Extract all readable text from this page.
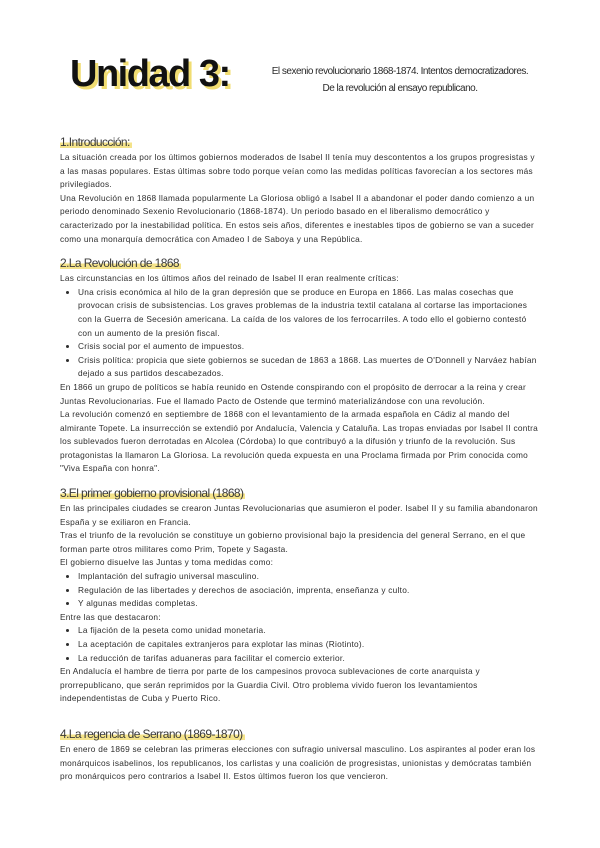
Unidad 3:	El sexenio revolucionario 1868-1874. Intentos democratizadores.
De la revolución al ensayo republicano.
1.Introducción:

La situación creada por los últimos gobiernos moderados de Isabel II tenía muy descontentos a los grupos progresistas y a las masas populares. Estas últimas sobre todo porque veían como las medidas políticas favorecían a los sectores más privilegiados.

Una Revolución en 1868 llamada popularmente La Gloriosa obligó a Isabel II a abandonar el poder dando comienzo a un periodo denominado Sexenio Revolucionario (1868-1874). Un periodo basado en el liberalismo democrático y caracterizado por la inestabilidad política. En estos seis años, diferentes e inestables tipos de gobierno se van a suceder como una monarquía democrática con Amadeo I de Saboya y una República.

2.La Revolución de 1868

Las circunstancias en los últimos años del reinado de Isabel II eran realmente críticas:

• Una crisis económica al hilo de la gran depresión que se produce en Europa en 1866. Las malas cosechas que provocan crisis de subsistencias. Los graves problemas de la industria textil catalana al cortarse las importaciones con la Guerra de Secesión americana. La caída de los valores de los ferrocarriles. A todo ello el gobierno contestó con un aumento de la presión fiscal.
• Crisis social por el aumento de impuestos.
• Crisis política: propicia que siete gobiernos se sucedan de 1863 a 1868. Las muertes de O'Donnell y Narváez habían dejado a sus partidos descabezados.

En 1866 un grupo de políticos se había reunido en Ostende conspirando con el propósito de derrocar a la reina y crear Juntas Revolucionarias. Fue el llamado Pacto de Ostende que terminó materializándose con una revolución.

La revolución comenzó en septiembre de 1868 con el levantamiento de la armada española en Cádiz al mando del almirante Topete. La insurrección se extendió por Andalucía, Valencia y Cataluña. Las tropas enviadas por Isabel II contra los sublevados fueron derrotadas en Alcolea (Córdoba) lo que contribuyó a la difusión y triunfo de la revolución. Sus protagonistas la llamaron La Gloriosa. La revolución queda expuesta en una Proclama firmada por Prim conocida como "Viva España con honra".

3.El primer gobierno provisional (1868)

En las principales ciudades se crearon Juntas Revolucionarias que asumieron el poder. Isabel II y su familia abandonaron España y se exiliaron en Francia.

Tras el triunfo de la revolución se constituye un gobierno provisional bajo la presidencia del general Serrano, en el que forman parte otros militares como Prim, Topete y Sagasta.

El gobierno disuelve las Juntas y toma medidas como:

• Implantación del sufragio universal masculino.
• Regulación de las libertades y derechos de asociación, imprenta, enseñanza y culto.
• Y algunas medidas completas.

Entre las que destacaron:

• La fijación de la peseta como unidad monetaria.
• La aceptación de capitales extranjeros para explotar las minas (Riotinto).
• La reducción de tarifas aduaneras para facilitar el comercio exterior.

En Andalucía el hambre de tierra por parte de los campesinos provoca sublevaciones de corte anarquista y prorrepublicano, que serán reprimidos por la Guardia Civil. Otro problema vivido fueron los levantamientos independentistas de Cuba y Puerto Rico.

4.La regencia de Serrano (1869-1870)

En enero de 1869 se celebran las primeras elecciones con sufragio universal masculino. Los aspirantes al poder eran los monárquicos isabelinos, los republicanos, los carlistas y una coalición de progresistas, unionistas y demócratas también pro monárquicos pero contrarios a Isabel II. Estos últimos fueron los que vencieron.
